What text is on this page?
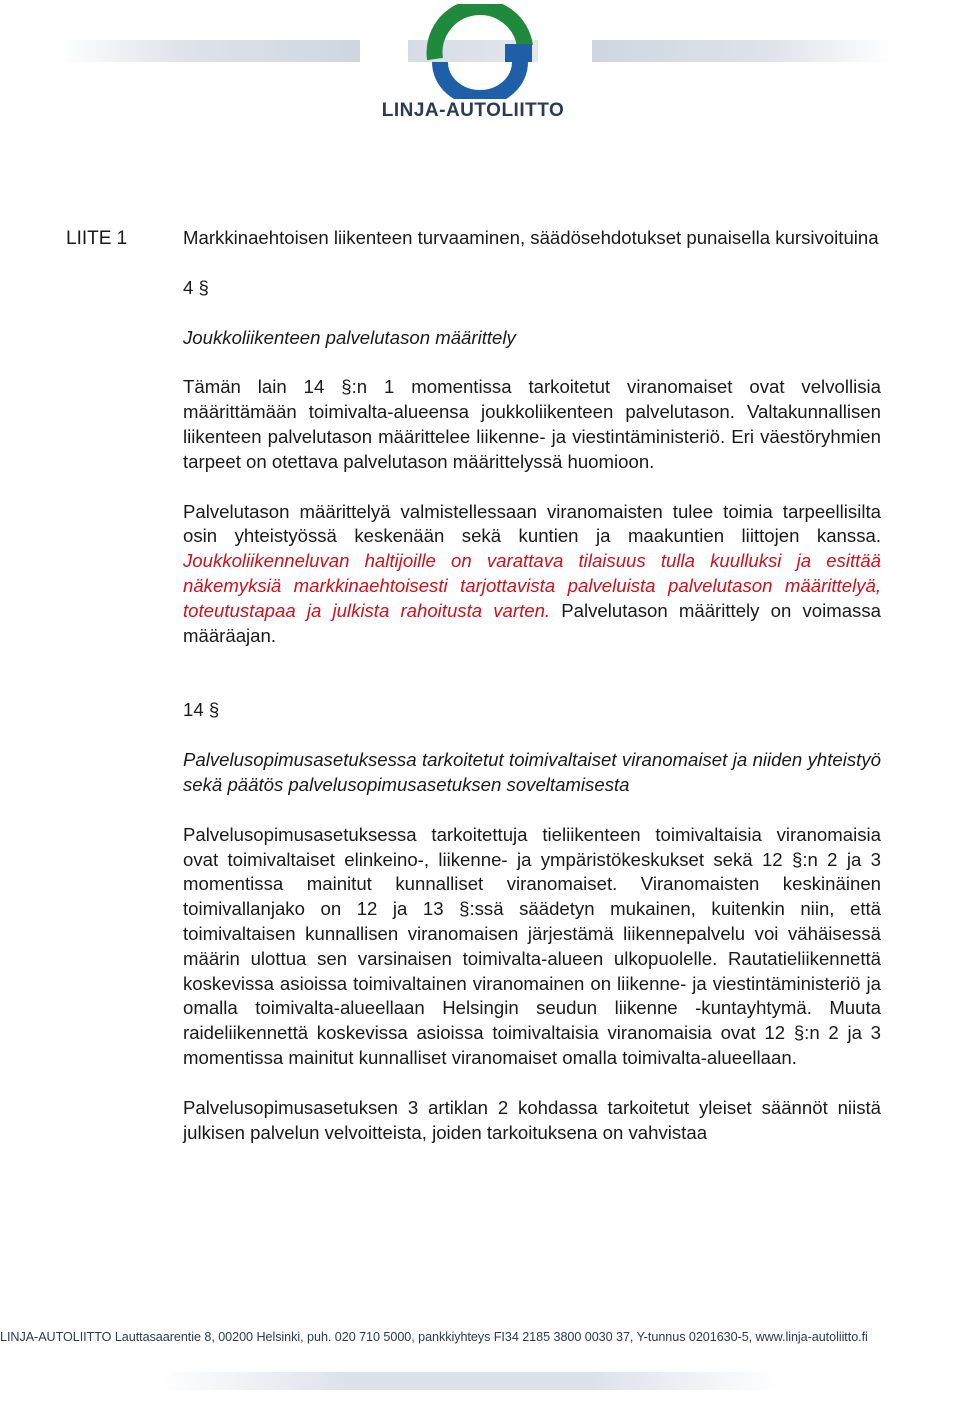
LINJA-AUTOLIITTO
LIITE 1	Markkinaehtoisen liikenteen turvaaminen, säädösehdotukset punaisella kursivoituina

4 §

Joukkoliikenteen palvelutason määrittely

Tämän lain 14 §:n 1 momentissa tarkoitetut viranomaiset ovat velvollisia määrittämään toimivalta-alueensa joukkoliikenteen palvelutason. Valtakunnallisen liikenteen palvelutason määrittelee liikenne- ja viestintäministeriö. Eri väestöryhmien tarpeet on otettava palvelutason määrittelyssä huomioon.

Palvelutason määrittelyä valmistellessaan viranomaisten tulee toimia tarpeellisilta osin yhteistyössä keskenään sekä kuntien ja maakuntien liittojen kanssa. Joukkoliikenneluvan haltijoille on varattava tilaisuus tulla kuulluksi ja esittää näkemyksiä markkinaehtoisesti tarjottavista palveluista palvelutason määrittelyä, toteutustapaa ja julkista rahoitusta varten. Palvelutason määrittely on voimassa määräajan.

14 §

Palvelusopimusasetuksessa tarkoitetut toimivaltaiset viranomaiset ja niiden yhteistyö sekä päätös palvelusopimusasetuksen soveltamisesta

Palvelusopimusasetuksessa tarkoitettuja tieliikenteen toimivaltaisia viranomaisia ovat toimivaltaiset elinkeino-, liikenne- ja ympäristökeskukset sekä 12 §:n 2 ja 3 momentissa mainitut kunnalliset viranomaiset. Viranomaisten keskinäinen toimivallanjako on 12 ja 13 §:ssä säädetyn mukainen, kuitenkin niin, että toimivaltaisen kunnallisen viranomaisen järjestämä liikennepalvelu voi vähäisessä määrin ulottua sen varsinaisen toimivalta-alueen ulkopuolelle. Rautatieliikennettä koskevissa asioissa toimivaltainen viranomainen on liikenne- ja viestintäministeriö ja omalla toimivalta-alueellaan Helsingin seudun liikenne -kuntayhtymä. Muuta raideliikennettä koskevissa asioissa toimivaltaisia viranomaisia ovat 12 §:n 2 ja 3 momentissa mainitut kunnalliset viranomaiset omalla toimivalta-alueellaan.

Palvelusopimusasetuksen 3 artiklan 2 kohdassa tarkoitetut yleiset säännöt niistä julkisen palvelun velvoitteista, joiden tarkoituksena on vahvistaa

LINJA-AUTOLIITTO Lauttasaarentie 8, 00200 Helsinki, puh. 020 710 5000, pankkiyhteys FI34 2185 3800 0030 37, Y-tunnus 0201630-5, www.linja-autoliitto.fi
